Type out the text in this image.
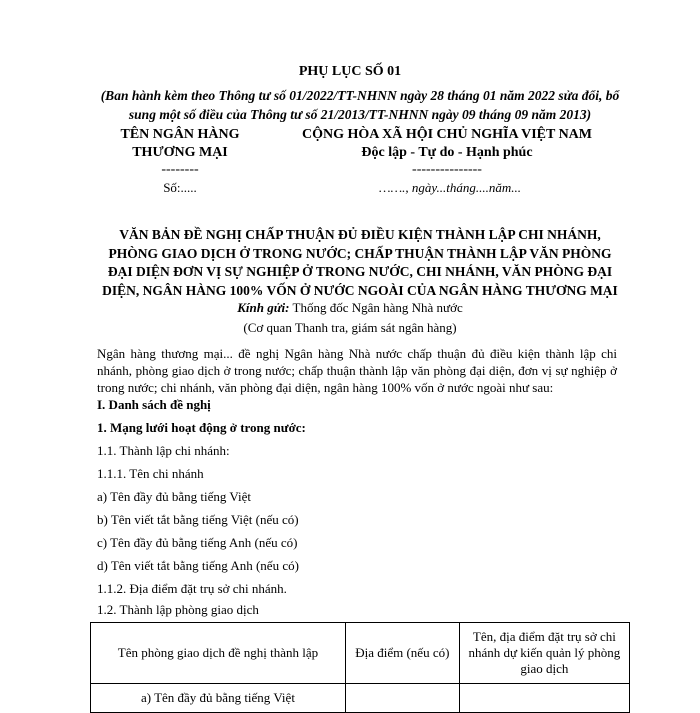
PHỤ LỤC SỐ 01
(Ban hành kèm theo Thông tư số 01/2022/TT-NHNN ngày 28 tháng 01 năm 2022 sửa đổi, bổ sung một số điều của Thông tư số 21/2013/TT-NHNN ngày 09 tháng 09 năm 2013)
TÊN NGÂN HÀNG
THƯƠNG MẠI
--------
CỘNG HÒA XÃ HỘI CHỦ NGHĨA VIỆT NAM
Độc lập - Tự do - Hạnh phúc
---------------
Số:.....	……., ngày...tháng....năm...
VĂN BẢN ĐỀ NGHỊ CHẤP THUẬN ĐỦ ĐIỀU KIỆN THÀNH LẬP CHI NHÁNH, PHÒNG GIAO DỊCH Ở TRONG NƯỚC; CHẤP THUẬN THÀNH LẬP VĂN PHÒNG ĐẠI DIỆN ĐƠN VỊ SỰ NGHIỆP Ở TRONG NƯỚC, CHI NHÁNH, VĂN PHÒNG ĐẠI DIỆN, NGÂN HÀNG 100% VỐN Ở NƯỚC NGOÀI CỦA NGÂN HÀNG THƯƠNG MẠI
Kính gửi: Thống đốc Ngân hàng Nhà nước
(Cơ quan Thanh tra, giám sát ngân hàng)
Ngân hàng thương mại... đề nghị Ngân hàng Nhà nước chấp thuận đủ điều kiện thành lập chi nhánh, phòng giao dịch ở trong nước; chấp thuận thành lập văn phòng đại diện, đơn vị sự nghiệp ở trong nước; chi nhánh, văn phòng đại diện, ngân hàng 100% vốn ở nước ngoài như sau:
I. Danh sách đề nghị
1. Mạng lưới hoạt động ở trong nước:
1.1. Thành lập chi nhánh:
1.1.1. Tên chi nhánh
a) Tên đầy đủ bằng tiếng Việt
b) Tên viết tắt bằng tiếng Việt (nếu có)
c) Tên đầy đủ bằng tiếng Anh (nếu có)
d) Tên viết tắt bằng tiếng Anh (nếu có)
1.1.2. Địa điểm đặt trụ sở chi nhánh.
1.2. Thành lập phòng giao dịch
Tên phòng giao dịch đề nghị thành lập	Địa điểm (nếu có)	Tên, địa điểm đặt trụ sở chi nhánh dự kiến quản lý phòng giao dịch
a) Tên đầy đủ bằng tiếng Việt		
